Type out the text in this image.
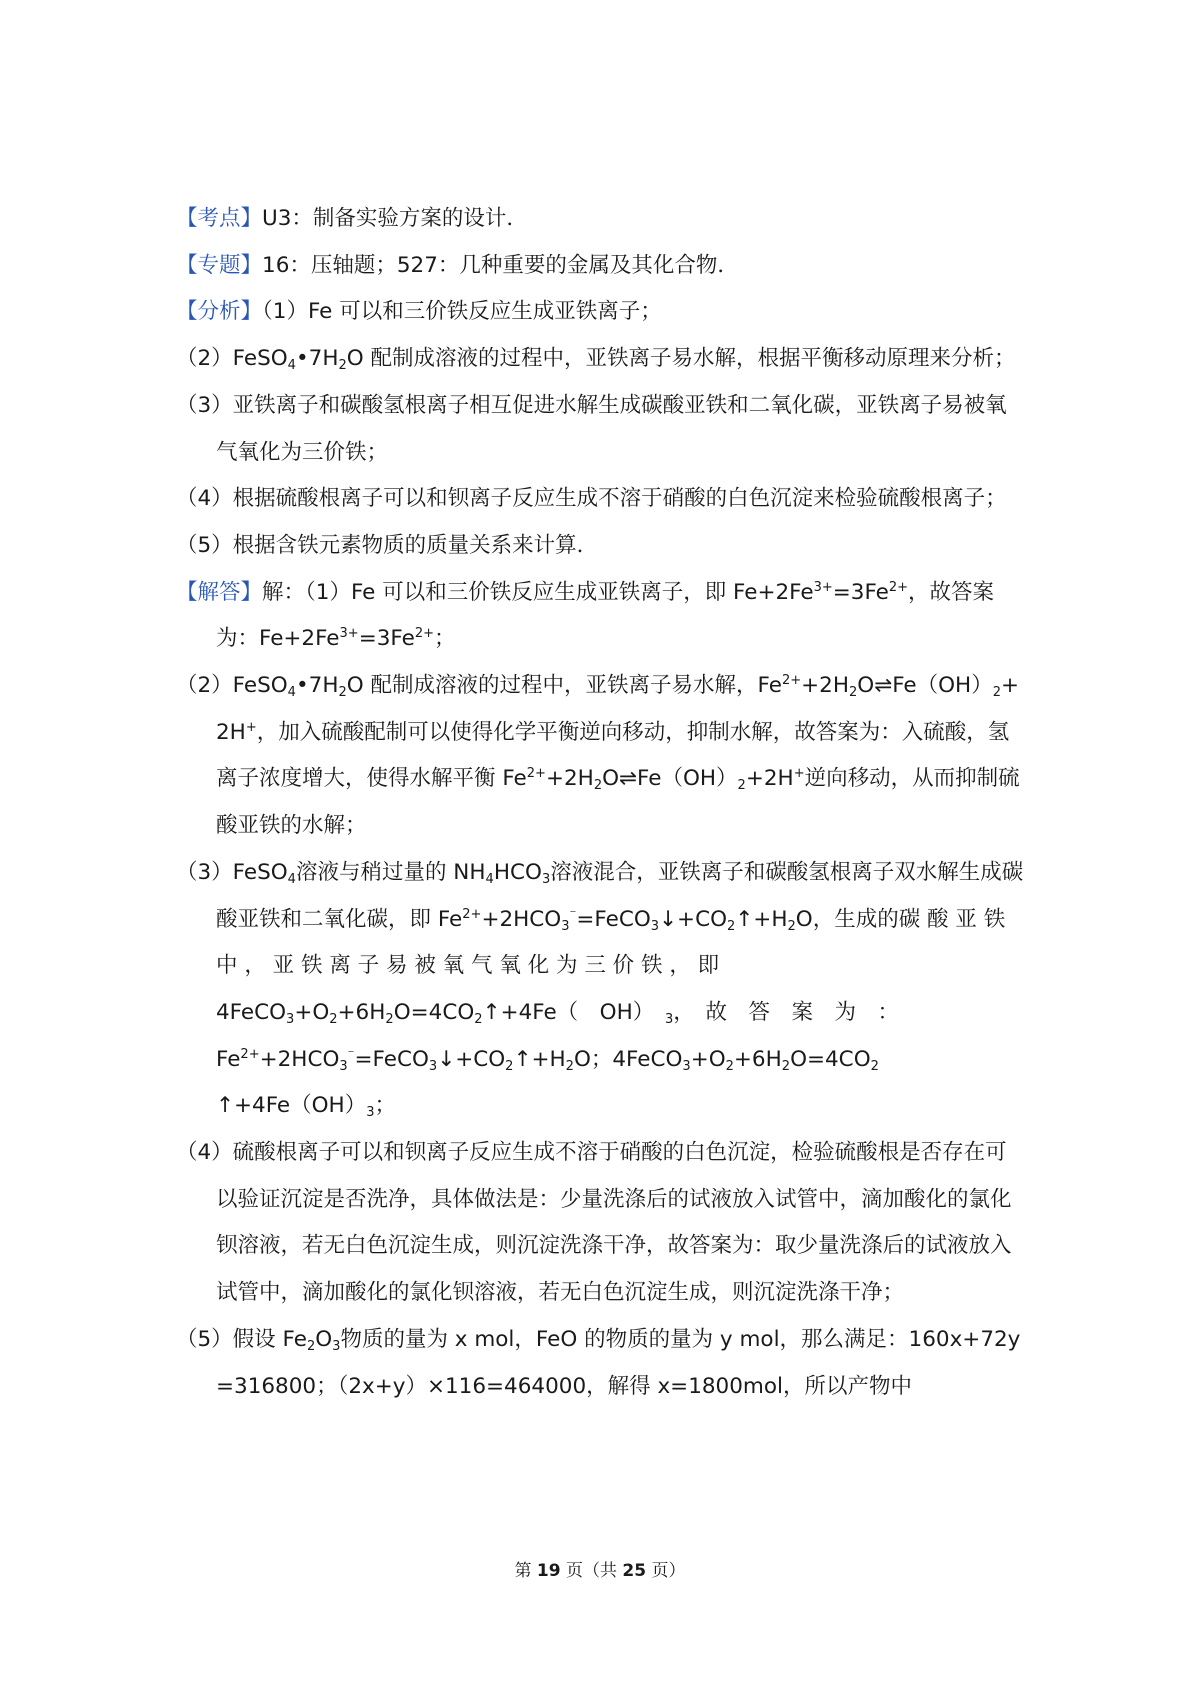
【考点】U3：制备实验方案的设计．

【专题】16：压轴题；527：几种重要的金属及其化合物．

【分析】（1）Fe 可以和三价铁反应生成亚铁离子；

$(2)FeSO_4•7H_2O$ 配制成溶液的过程中，亚铁离子易水解，根据平衡移动原理来分析；

（3）亚铁离子和碳酸氢根离子相互促进水解生成碳酸亚铁和二氧化碳，亚铁离子易被氧气氧化为三价铁；

（4）根据硫酸根离子可以和钡离子反应生成不溶于硝酸的白色沉淀来检验硫酸根离子；

（5）根据含铁元素物质的质量关系来计算．

【解答】解：（1）Fe 可以和三价铁反应生成亚铁离子，即 $Fe+2Fe^{3+}=3Fe^{2+}$，故答案为：$Fe+2Fe^{3+}=3Fe^{2+}$；

$(2)FeSO_4•7H_2O$ 配制成溶液的过程中，亚铁离子易水解，$Fe^{2+}+2H_2O\rightleftharpoons Fe(OH)_2+2H^+$，加入硫酸配制可以使得化学平衡逆向移动，抑制水解，故答案为：入硫酸，氢离子浓度增大，使得水解平衡 $Fe^{2+}+2H_2O\rightleftharpoons Fe(OH)_2+2H^+$逆向移动，从而抑制硫酸亚铁的水解；

（3）FeSO$_4$溶液与稍过量的 $NH_4HCO_3$溶液混合，亚铁离子和碳酸氢根离子双水解生成碳酸亚铁和二氧化碳，即 $Fe^{2+}+2HCO_3^{^-}=FeCO_3↓+CO_2↑+H_2O$，生成的碳 酸 亚 铁 中 ， 亚 铁 离 子 易 被 氧 气 氧 化 为 三 价 铁 ， 即
$4FeCO_3+O_2+6H_2O=4CO_2↑+4Fe$（　OH）　$_3$，　故　答　案　为　：
$Fe^{2+}+2HCO_3^{^-}=FeCO_3↓+CO_2↑+H_2O$；$4FeCO_3+O_2+6H_2O=4CO_2↑+4Fe(OH)_3$；

（4）硫酸根离子可以和钡离子反应生成不溶于硝酸的白色沉淀，检验硫酸根是否存在可以验证沉淀是否洗净，具体做法是：少量洗涤后的试液放入试管中，滴加酸化的氯化钡溶液，若无白色沉淀生成，则沉淀洗涤干净，故答案为：取少量洗涤后的试液放入试管中，滴加酸化的氯化钡溶液，若无白色沉淀生成，则沉淀洗涤干净；

（5）假设 $Fe_2O_3$物质的量为 x mol，FeO 的物质的量为 y mol，那么满足：160x+72y=316800；（2x+y）×116=464000，解得 x=1800mol，所以产物中

第 19 页（共 25 页）
